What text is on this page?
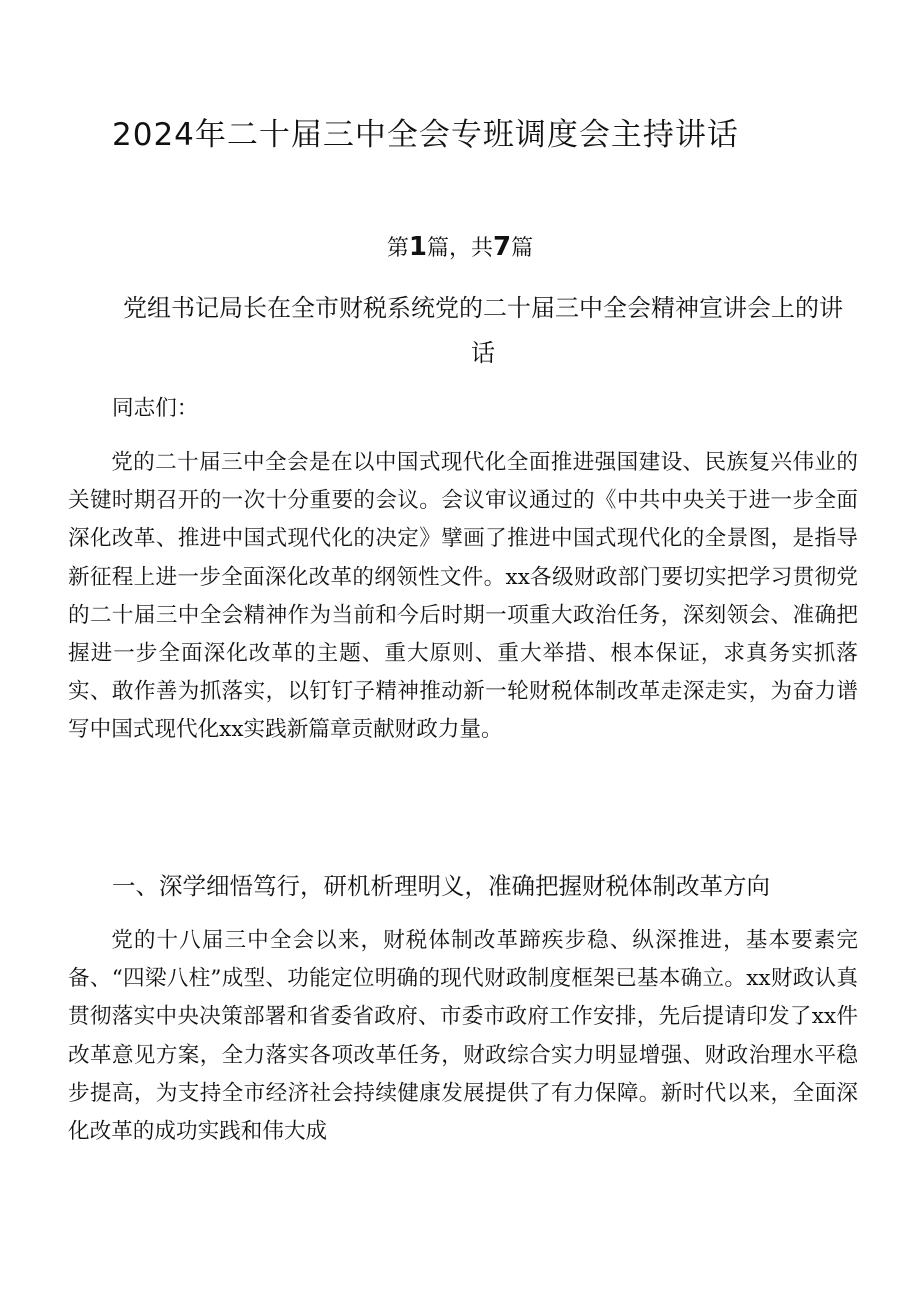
2024年二十届三中全会专班调度会主持讲话
第1篇，共7篇
党组书记局长在全市财税系统党的二十届三中全会精神宣讲会上的讲话
同志们：

党的二十届三中全会是在以中国式现代化全面推进强国建设、民族复兴伟业的关键时期召开的一次十分重要的会议。会议审议通过的《中共中央关于进一步全面深化改革、推进中国式现代化的决定》擘画了推进中国式现代化的全景图，是指导新征程上进一步全面深化改革的纲领性文件。xx各级财政部门要切实把学习贯彻党的二十届三中全会精神作为当前和今后时期一项重大政治任务，深刻领会、准确把握进一步全面深化改革的主题、重大原则、重大举措、根本保证，求真务实抓落实、敢作善为抓落实，以钉钉子精神推动新一轮财税体制改革走深走实，为奋力谱写中国式现代化xx实践新篇章贡献财政力量。

一、深学细悟笃行，研机析理明义，准确把握财税体制改革方向

党的十八届三中全会以来，财税体制改革蹄疾步稳、纵深推进，基本要素完备、“四梁八柱”成型、功能定位明确的现代财政制度框架已基本确立。xx财政认真贯彻落实中央决策部署和省委省政府、市委市政府工作安排，先后提请印发了xx件改革意见方案，全力落实各项改革任务，财政综合实力明显增强、财政治理水平稳步提高，为支持全市经济社会持续健康发展提供了有力保障。新时代以来，全面深化改革的成功实践和伟大成
